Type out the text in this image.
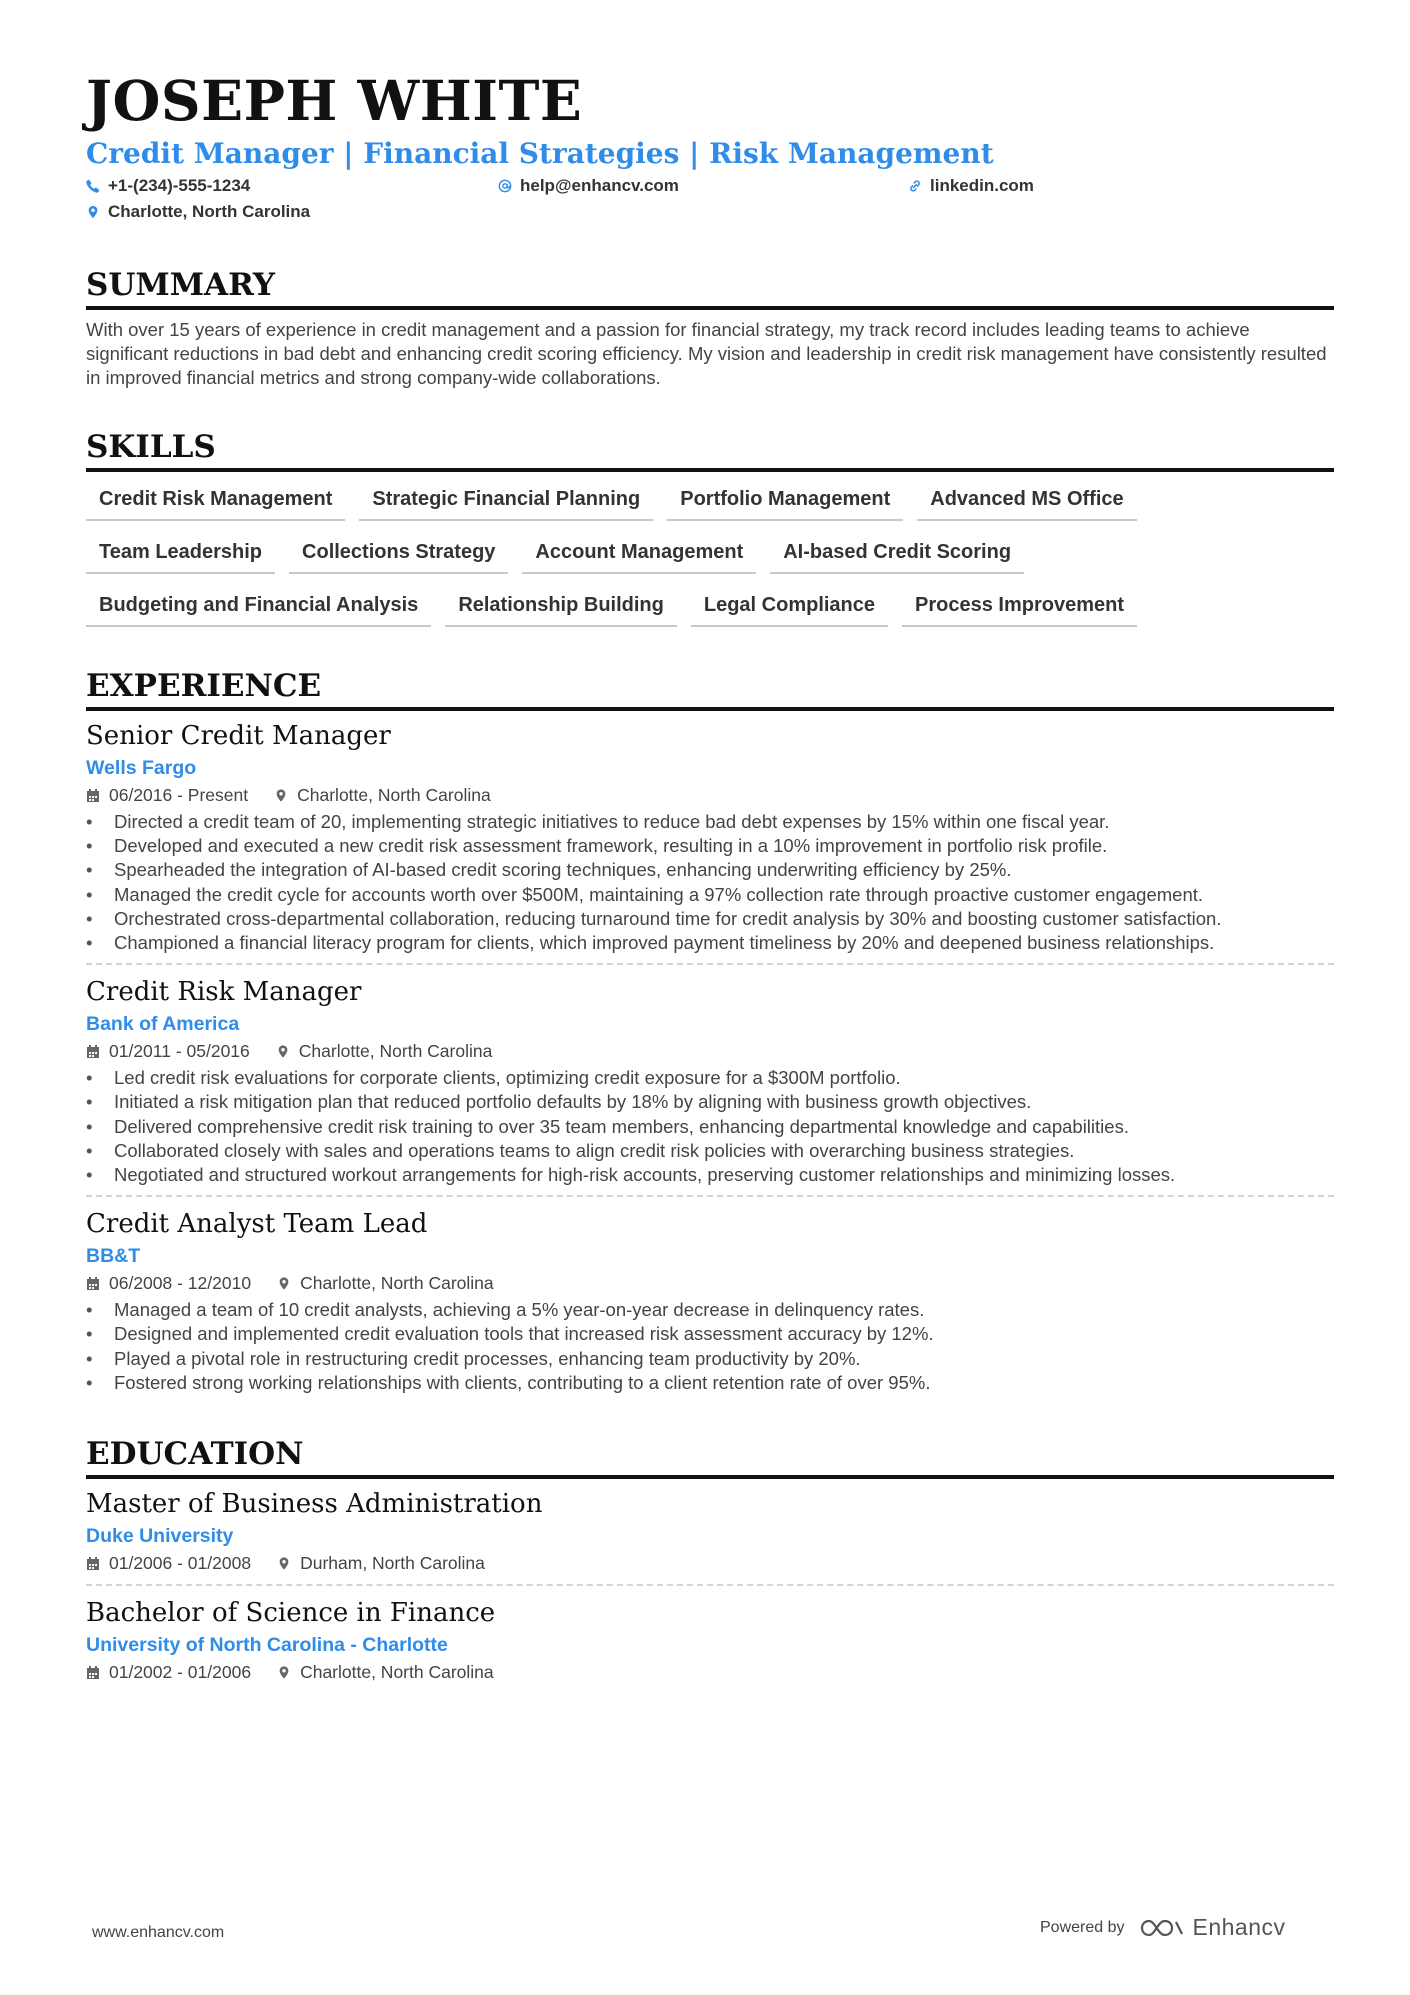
JOSEPH WHITE
Credit Manager | Financial Strategies | Risk Management
+1-(234)-555-1234	help@enhancv.com	linkedin.com
Charlotte, North Carolina
SUMMARY
With over 15 years of experience in credit management and a passion for financial strategy, my track record includes leading teams to achieve significant reductions in bad debt and enhancing credit scoring efficiency. My vision and leadership in credit risk management have consistently resulted in improved financial metrics and strong company-wide collaborations.
SKILLS
Credit Risk Management	Strategic Financial Planning	Portfolio Management	Advanced MS Office
Team Leadership	Collections Strategy	Account Management	AI-based Credit Scoring
Budgeting and Financial Analysis	Relationship Building	Legal Compliance	Process Improvement
EXPERIENCE
Senior Credit Manager
Wells Fargo
06/2016 - Present	Charlotte, North Carolina
• Directed a credit team of 20, implementing strategic initiatives to reduce bad debt expenses by 15% within one fiscal year.
• Developed and executed a new credit risk assessment framework, resulting in a 10% improvement in portfolio risk profile.
• Spearheaded the integration of AI-based credit scoring techniques, enhancing underwriting efficiency by 25%.
• Managed the credit cycle for accounts worth over $500M, maintaining a 97% collection rate through proactive customer engagement.
• Orchestrated cross-departmental collaboration, reducing turnaround time for credit analysis by 30% and boosting customer satisfaction.
• Championed a financial literacy program for clients, which improved payment timeliness by 20% and deepened business relationships.
Credit Risk Manager
Bank of America
01/2011 - 05/2016	Charlotte, North Carolina
• Led credit risk evaluations for corporate clients, optimizing credit exposure for a $300M portfolio.
• Initiated a risk mitigation plan that reduced portfolio defaults by 18% by aligning with business growth objectives.
• Delivered comprehensive credit risk training to over 35 team members, enhancing departmental knowledge and capabilities.
• Collaborated closely with sales and operations teams to align credit risk policies with overarching business strategies.
• Negotiated and structured workout arrangements for high-risk accounts, preserving customer relationships and minimizing losses.
Credit Analyst Team Lead
BB&T
06/2008 - 12/2010	Charlotte, North Carolina
• Managed a team of 10 credit analysts, achieving a 5% year-on-year decrease in delinquency rates.
• Designed and implemented credit evaluation tools that increased risk assessment accuracy by 12%.
• Played a pivotal role in restructuring credit processes, enhancing team productivity by 20%.
• Fostered strong working relationships with clients, contributing to a client retention rate of over 95%.
EDUCATION
Master of Business Administration
Duke University
01/2006 - 01/2008	Durham, North Carolina
Bachelor of Science in Finance
University of North Carolina - Charlotte
01/2002 - 01/2006	Charlotte, North Carolina
www.enhancv.com	Powered by	Enhancv
